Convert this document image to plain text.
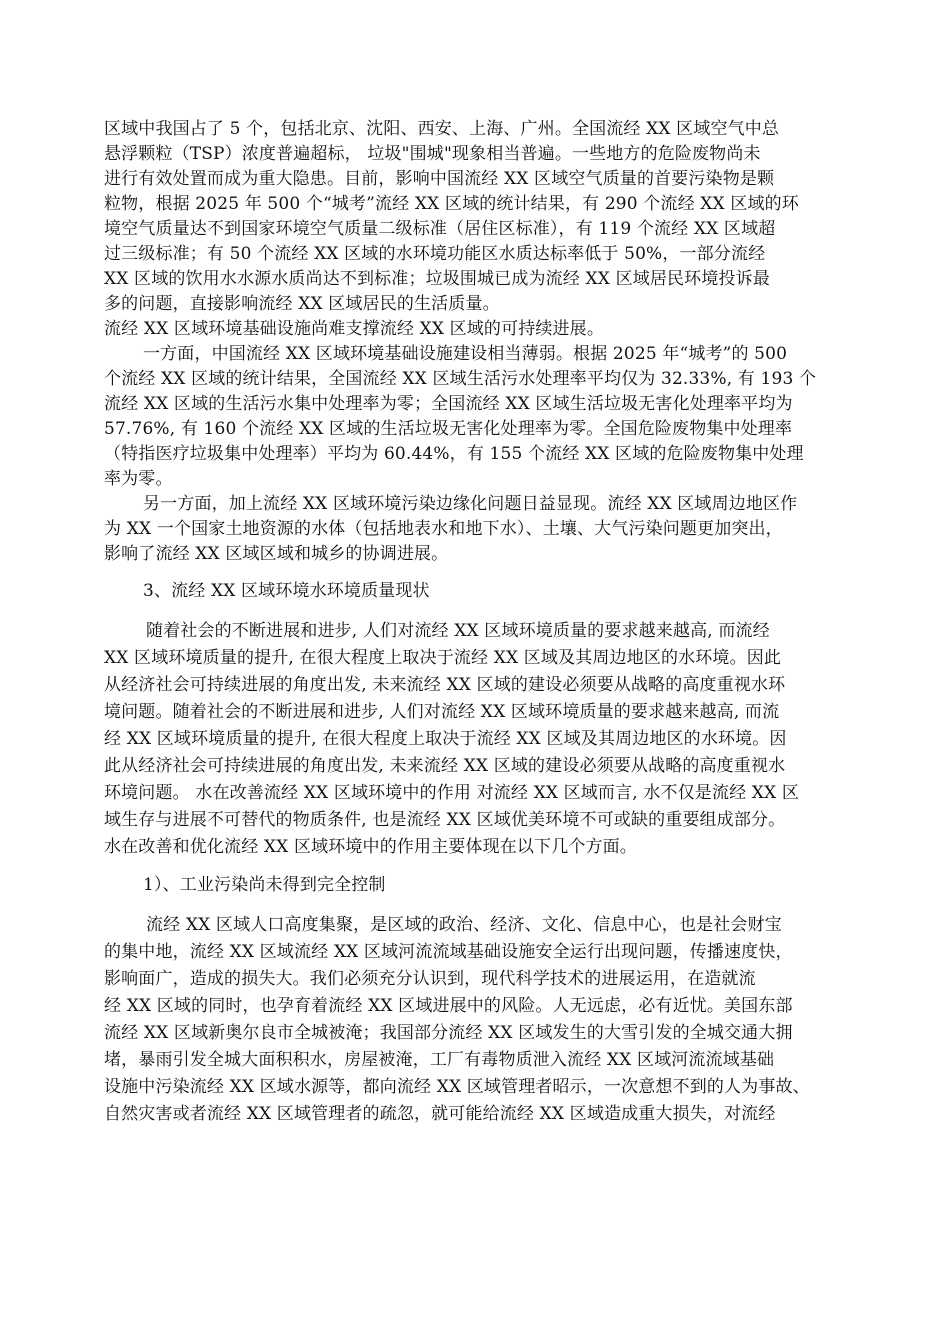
区域中我国占了 5 个，包括北京、沈阳、西安、上海、广州。全国流经 XX 区域空气中总
悬浮颗粒（TSP）浓度普遍超标， 垃圾"围城"现象相当普遍。一些地方的危险废物尚未
进行有效处置而成为重大隐患。目前，影响中国流经 XX 区域空气质量的首要污染物是颗
粒物，根据 2025 年 500 个“城考”流经 XX 区域的统计结果，有 290 个流经 XX 区域的环
境空气质量达不到国家环境空气质量二级标准（居住区标准），有 119 个流经 XX 区域超
过三级标准；有 50 个流经 XX 区域的水环境功能区水质达标率低于 50%，一部分流经
XX 区域的饮用水水源水质尚达不到标准；垃圾围城已成为流经 XX 区域居民环境投诉最
多的问题，直接影响流经 XX 区域居民的生活质量。
流经 XX 区域环境基础设施尚难支撑流经 XX 区域的可持续进展。
一方面，中国流经 XX 区域环境基础设施建设相当薄弱。根据 2025 年“城考”的 500
个流经 XX 区域的统计结果，全国流经 XX 区域生活污水处理率平均仅为 32.33%, 有 193 个
流经 XX 区域的生活污水集中处理率为零；全国流经 XX 区域生活垃圾无害化处理率平均为
57.76%, 有 160 个流经 XX 区域的生活垃圾无害化处理率为零。全国危险废物集中处理率
（特指医疗垃圾集中处理率）平均为 60.44%，有 155 个流经 XX 区域的危险废物集中处理
率为零。
另一方面，加上流经 XX 区域环境污染边缘化问题日益显现。流经 XX 区域周边地区作
为 XX 一个国家土地资源的水体（包括地表水和地下水）、土壤、大气污染问题更加突出，
影响了流经 XX 区域区域和城乡的协调进展。
3、流经 XX 区域环境水环境质量现状
随着社会的不断进展和进步, 人们对流经 XX 区域环境质量的要求越来越高, 而流经
XX 区域环境质量的提升, 在很大程度上取决于流经 XX 区域及其周边地区的水环境。因此
从经济社会可持续进展的角度出发, 未来流经 XX 区域的建设必须要从战略的高度重视水环
境问题。随着社会的不断进展和进步, 人们对流经 XX 区域环境质量的要求越来越高, 而流
经 XX 区域环境质量的提升, 在很大程度上取决于流经 XX 区域及其周边地区的水环境。因
此从经济社会可持续进展的角度出发, 未来流经 XX 区域的建设必须要从战略的高度重视水
环境问题。 水在改善流经 XX 区域环境中的作用 对流经 XX 区域而言, 水不仅是流经 XX 区
域生存与进展不可替代的物质条件, 也是流经 XX 区域优美环境不可或缺的重要组成部分。
水在改善和优化流经 XX 区域环境中的作用主要体现在以下几个方面。
1）、工业污染尚未得到完全控制
流经 XX 区域人口高度集聚，是区域的政治、经济、文化、信息中心，也是社会财宝
的集中地，流经 XX 区域流经 XX 区域河流流域基础设施安全运行出现问题，传播速度快，
影响面广，造成的损失大。我们必须充分认识到，现代科学技术的进展运用，在造就流
经 XX 区域的同时，也孕育着流经 XX 区域进展中的风险。人无远虑，必有近忧。美国东部
流经 XX 区域新奥尔良市全城被淹；我国部分流经 XX 区域发生的大雪引发的全城交通大拥
堵，暴雨引发全城大面积积水，房屋被淹，工厂有毒物质泄入流经 XX 区域河流流域基础
设施中污染流经 XX 区域水源等，都向流经 XX 区域管理者昭示，一次意想不到的人为事故、
自然灾害或者流经 XX 区域管理者的疏忽，就可能给流经 XX 区域造成重大损失，对流经
